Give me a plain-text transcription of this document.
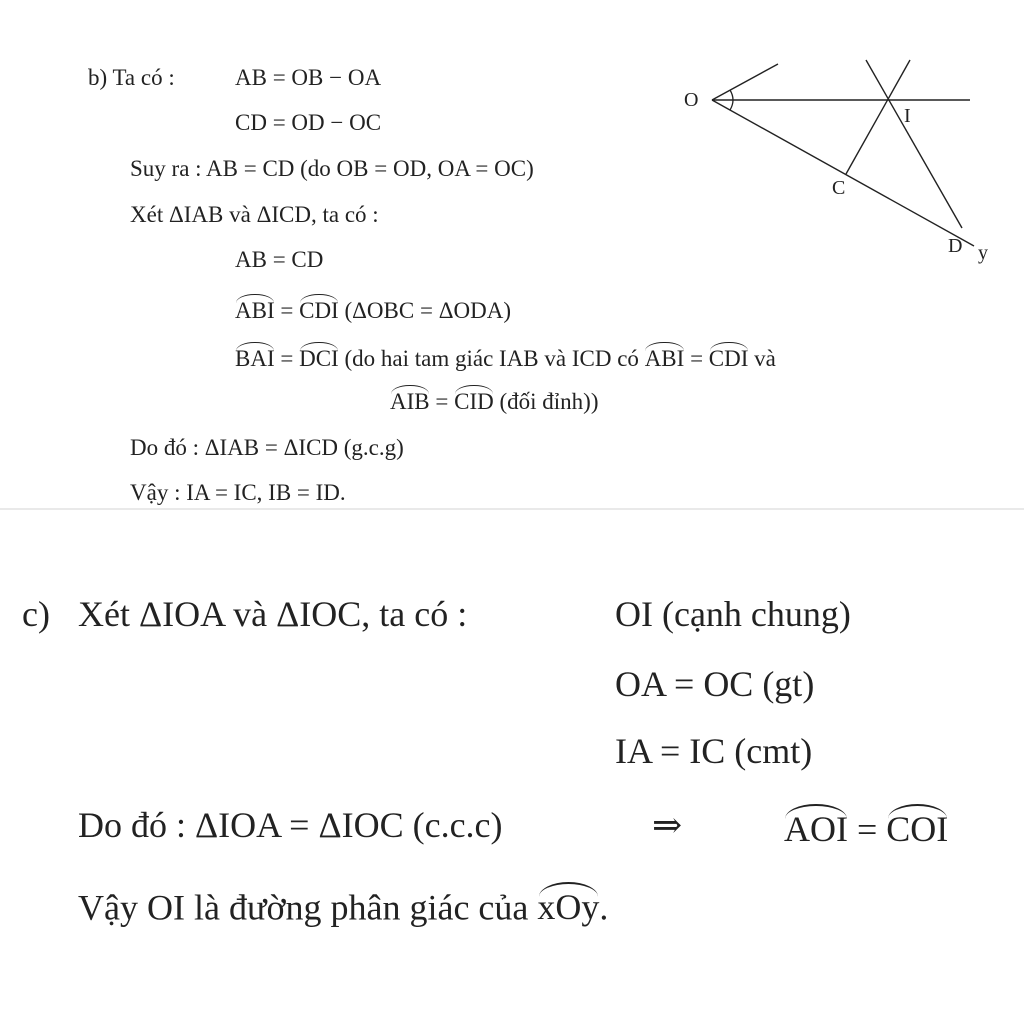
b) Ta có :	AB = OB − OA
CD = OD − OC
Suy ra : AB = CD (do OB = OD, OA = OC)
Xét ΔIAB và ΔICD, ta có :
AB = CD
ABI = CDI (ΔOBC = ΔODA)
BAI = DCI (do hai tam giác IAB và ICD có ABI = CDI và
AIB = CID (đối đỉnh))
Do đó : ΔIAB = ΔICD (g.c.g)
Vậy : IA = IC, IB = ID.
O
I
C
D y
c) Xét ΔIOA và ΔIOC, ta có :	OI (cạnh chung)
OA = OC (gt)
IA = IC (cmt)
Do đó : ΔIOA = ΔIOC (c.c.c)	⇒	AOI = COI
Vậy OI là đường phân giác của xOy.
